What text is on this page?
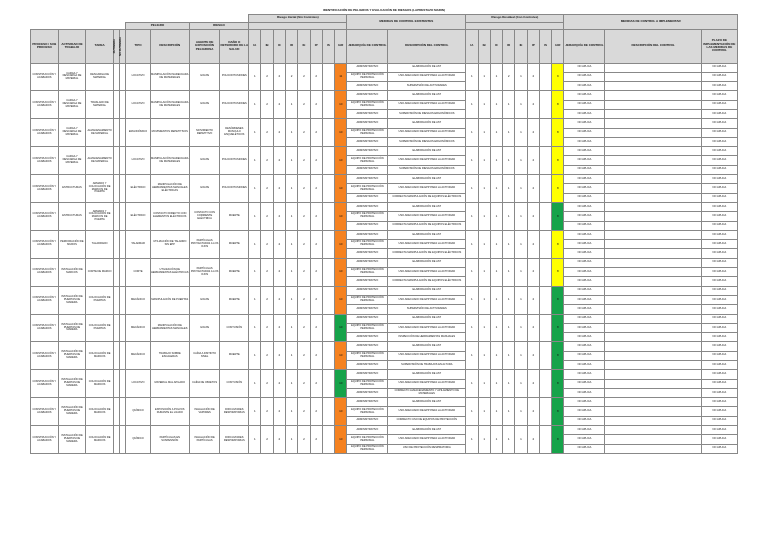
IDENTIFICACIÓN DE PELIGROS Y EVALUACIÓN DE RIESGOS (LAPRESTAZO MARIN)																													
									Riesgo Inicial (Sin Controles)								MEDIDAS DE CONTROL EXISTENTES		Riesgo Residual (Con Controles)								MEDIDAS DE CONTROL A IMPLEMENTAR		
					PELIGRO		RIESGO																						
PROCESO / SUB PROCESO	ACTIVIDAD DE TRABAJO	TAREA	RUTINARIA	NO RUTINARIA	TIPO	DESCRIPCIÓN	AGENTE DE EXPOSICIÓN PELIGROSA	DAÑO O DETERIORO DE LA SALUD	IA	IB	IC	ID	IE	IP	IS	IAR	JERARQUÍA DE CONTROL	DESCRIPCIÓN DEL CONTROL	IA	IB	IC	ID	IE	IP	IS	IAR	JERARQUÍA DE CONTROL	DESCRIPCIÓN DEL CONTROL	PLAZO DE IMPLEMENTACIÓN DE LAS MEDIDAS DE CONTROL
CONSTRUCCIÓN Y ACABADOS	CARGA Y DESCARGA DE MATERIAL	DESCARGA DE MATERIAL			LOCATIVO	MANIPULACIÓN INADECUADA DE MATERIALES	GOLPE	POLICONTUSIONES	1	2	2	2	2	2		11	ADMINISTRATIVO	ELABORACIÓN DE AST	1	1	1	2	1	2		9	NO APLICA		NO APLICA
																	EQUIPO DE PROTECCIÓN PERSONAL	USO ADECUADO DE EPP PARA LA ACTIVIDAD									NO APLICA		NO APLICA
																	ADMINISTRATIVO	SUPERVISIÓN DE ACTIVIDADES									NO APLICA		NO APLICA
CONSTRUCCIÓN Y ACABADOS	CARGA Y DESCARGA DE MATERIAL	TRASLADO DE MATERIAL			LOCATIVO	MANIPULACIÓN INADECUADA DE MATERIALES	GOLPE	POLICONTUSIONES	1	2	2	1	2	2		10	ADMINISTRATIVO	ELABORACIÓN DE AST	1	1	1	1	1	2		8	NO APLICA		NO APLICA
																	EQUIPO DE PROTECCIÓN PERSONAL	USO ADECUADO DE EPP PARA LA ACTIVIDAD									NO APLICA		NO APLICA
																	ADMINISTRATIVO	SUPERVISIÓN DE RIESGOS ERGONÓMICOS									NO APLICA		NO APLICA
CONSTRUCCIÓN Y ACABADOS	CARGA Y DESCARGA DE MATERIAL	ALMACENAMIENTO DE MATERIAL			ERGONÓMICO	MOVIMIENTOS REPETITIVOS	MOVIMIENTO REPETITIVO	DESÓRDENES MUSCULO ESQUELÉTICOS	1	2	2	1	2	2		10	ADMINISTRATIVO	ELABORACIÓN DE AST	1	1	1	1	1	2		8	NO APLICA		NO APLICA
																	EQUIPO DE PROTECCIÓN PERSONAL	USO ADECUADO DE EPP PARA LA ACTIVIDAD									NO APLICA		NO APLICA
																	ADMINISTRATIVO	SUPERVISIÓN DE RIESGOS ERGONÓMICOS									NO APLICA		NO APLICA
CONSTRUCCIÓN Y ACABADOS	CARGA Y DESCARGA DE MATERIAL	ALMACENAMIENTO DE MATERIAL			LOCATIVO	MANIPULACIÓN INADECUADA DE MATERIALES	GOLPE	POLICONTUSIONES	1	2	2	1	2	2		10	ADMINISTRATIVO	ELABORACIÓN DE AST	1	1	1	1	1	2		8	NO APLICA		NO APLICA
																	EQUIPO DE PROTECCIÓN PERSONAL	USO ADECUADO DE EPP PARA LA ACTIVIDAD									NO APLICA		NO APLICA
																	ADMINISTRATIVO	SUPERVISIÓN DE RIESGOS ERGONÓMICOS									NO APLICA		NO APLICA
CONSTRUCCIÓN Y ACABADOS	ESTRUCTURAS	ARMADO Y COLOCACIÓN DE MARCOS DE PUERTA			ELÉCTRICO	MANIPULACIÓN DE HERRAMIENTAS MANUALES ELÉCTRICAS	GOLPE	POLICONTUSIONES	1	2	2	1	2	2		10	ADMINISTRATIVO	ELABORACIÓN DE AST	1	1	1	1	1	2		8	NO APLICA		NO APLICA
																	EQUIPO DE PROTECCIÓN PERSONAL	USO ADECUADO DE EPP PARA LA ACTIVIDAD									NO APLICA		NO APLICA
																	ADMINISTRATIVO	CORRECTA MANIPULACIÓN DE EQUIPOS ELÉCTRICOS									NO APLICA		NO APLICA
CONSTRUCCIÓN Y ACABADOS	ESTRUCTURAS	ARMADO Y COLOCACIÓN DE MARCOS DE PUERTA			ELÉCTRICO	CONTACTO DIRECTO CON ELEMENTOS ELÉCTRICOS	CONTACTO CON CORRIENTE ELÉCTRICA	MUERTE	1	2	2	1	2	2		10	ADMINISTRATIVO	ELABORACIÓN DE AST	1	1	1	1	1	2		8	NO APLICA		NO APLICA
																	EQUIPO DE PROTECCIÓN PERSONAL	USO ADECUADO DE EPP PARA LA ACTIVIDAD									NO APLICA		NO APLICA
																	ADMINISTRATIVO	CORRECTA MANIPULACIÓN DE EQUIPOS ELÉCTRICOS									NO APLICA		NO APLICA
CONSTRUCCIÓN Y ACABADOS	PERFORACIÓN DE MUROS	TALADRADO			TALADRAR	UTILIZACIÓN DE TALADRO SIN EPP	PARTÍCULAS PROYECTADAS A LOS OJOS	MUERTE	1	2	2	1	2	2		10	ADMINISTRATIVO	ELABORACIÓN DE AST	1	1	1	1	1	2		8	NO APLICA		NO APLICA
																	EQUIPO DE PROTECCIÓN PERSONAL	USO ADECUADO DE EPP PARA LA ACTIVIDAD									NO APLICA		NO APLICA
																	ADMINISTRATIVO	CORRECTA MANIPULACIÓN DE EQUIPOS ELÉCTRICOS									NO APLICA		NO APLICA
CONSTRUCCIÓN Y ACABADOS	INSTALACIÓN DE MARCOS	CORTE DE MARCO			CORTE	UTILIZACIÓN DE HERRAMIENTAS ELÉCTRICAS	PARTÍCULAS PROYECTADAS A LOS OJOS	MUERTE	1	2	2	1	2	2		10	ADMINISTRATIVO	ELABORACIÓN DE AST	1	1	1	1	1	2		8	NO APLICA		NO APLICA
																	EQUIPO DE PROTECCIÓN PERSONAL	USO ADECUADO DE EPP PARA LA ACTIVIDAD									NO APLICA		NO APLICA
																	ADMINISTRATIVO	CORRECTA MANIPULACIÓN DE EQUIPOS ELÉCTRICOS									NO APLICA		NO APLICA
CONSTRUCCIÓN Y ACABADOS	INSTALACIÓN DE PUERTAS DE MADERA	COLOCACIÓN DE PUERTAS			MECÁNICO	MANIPULACIÓN DE PUERTAS	GOLPE	MUERTE	1	2	2	1	2	2		10	ADMINISTRATIVO	ELABORACIÓN DE AST	1	1	1	1	1	2		8	NO APLICA		NO APLICA
																	EQUIPO DE PROTECCIÓN PERSONAL	USO ADECUADO DE EPP PARA LA ACTIVIDAD									NO APLICA		NO APLICA
																	ADMINISTRATIVO	SUPERVISIÓN DE ACTIVIDADES									NO APLICA		NO APLICA
CONSTRUCCIÓN Y ACABADOS	INSTALACIÓN DE PUERTAS DE MADERA	COLOCACIÓN DE PUERTAS			MECÁNICO	MANIPULACIÓN DE HERRAMIENTAS MANUALES	GOLPE	CONTUSIÓN	1	2	2	1	2	2		10	ADMINISTRATIVO	ELABORACIÓN DE AST	1	1	1	1	1	2		8	NO APLICA		NO APLICA
																	EQUIPO DE PROTECCIÓN PERSONAL	USO ADECUADO DE EPP PARA LA ACTIVIDAD									NO APLICA		NO APLICA
																	ADMINISTRATIVO	INSPECCIÓN DE HERRAMIENTAS MANUALES									NO APLICA		NO APLICA
CONSTRUCCIÓN Y ACABADOS	INSTALACIÓN DE PUERTAS DE MADERA	COLOCACIÓN DE MARCOS			MECÁNICO	TRABAJO SOBRE ESCALERAS	CAÍDA A DISTINTO NIVEL	MUERTE	1	2	2	1	2	2		10	ADMINISTRATIVO	ELABORACIÓN DE AST	1	1	1	1	1	2		8	NO APLICA		NO APLICA
																	EQUIPO DE PROTECCIÓN PERSONAL	USO ADECUADO DE EPP PARA LA ACTIVIDAD									NO APLICA		NO APLICA
																	ADMINISTRATIVO	SUPERVISIÓN DE TRABAJOS EN ALTURA									NO APLICA		NO APLICA
CONSTRUCCIÓN Y ACABADOS	INSTALACIÓN DE PUERTAS DE MADERA	COLOCACIÓN DE MARCOS			LOCATIVO	MATERIAL MAL APILADO	CAÍDA DE OBJETOS	CONTUSIÓN	1	2	2	1	2	2		10	ADMINISTRATIVO	ELABORACIÓN DE AST	1	1	1	1	1	2		8	NO APLICA		NO APLICA
																	EQUIPO DE PROTECCIÓN PERSONAL	USO ADECUADO DE EPP PARA LA ACTIVIDAD									NO APLICA		NO APLICA
																	ADMINISTRATIVO	CORRECTO ALMACENAMIENTO Y APILAMIENTO DE MATERIALES									NO APLICA		NO APLICA
CONSTRUCCIÓN Y ACABADOS	INSTALACIÓN DE PUERTAS DE MADERA	COLOCACIÓN DE MARCOS			QUÍMICO	EXPOSICIÓN A POLVOS DURANTE EL LIJADO	INHALACIÓN DE VAPORES	DIFICULTADES RESPIRATORIAS	1	2	2	1	2	2		10	ADMINISTRATIVO	ELABORACIÓN DE AST	1	1	1	1	1	2		8	NO APLICA		NO APLICA
																	EQUIPO DE PROTECCIÓN PERSONAL	USO ADECUADO DE EPP PARA LA ACTIVIDAD									NO APLICA		NO APLICA
																	ADMINISTRATIVO	CORRECTO USO DE EQUIPOS DE PROTECCIÓN									NO APLICA		NO APLICA
CONSTRUCCIÓN Y ACABADOS	INSTALACIÓN DE PUERTAS DE MADERA	COLOCACIÓN DE MARCOS			QUÍMICO	PARTÍCULAS EN SUSPENSIÓN	INHALACIÓN DE PARTÍCULAS	DIFICULTADES RESPIRATORIAS	1	2	2	1	2	2		10	ADMINISTRATIVO	ELABORACIÓN DE AST	1	1	1	1	1	2		8	NO APLICA		NO APLICA
																	EQUIPO DE PROTECCIÓN PERSONAL	USO ADECUADO DE EPP PARA LA ACTIVIDAD									NO APLICA		NO APLICA
																	EQUIPO DE PROTECCIÓN PERSONAL	USO DE PROTECCIÓN RESPIRATORIA									NO APLICA		NO APLICA
